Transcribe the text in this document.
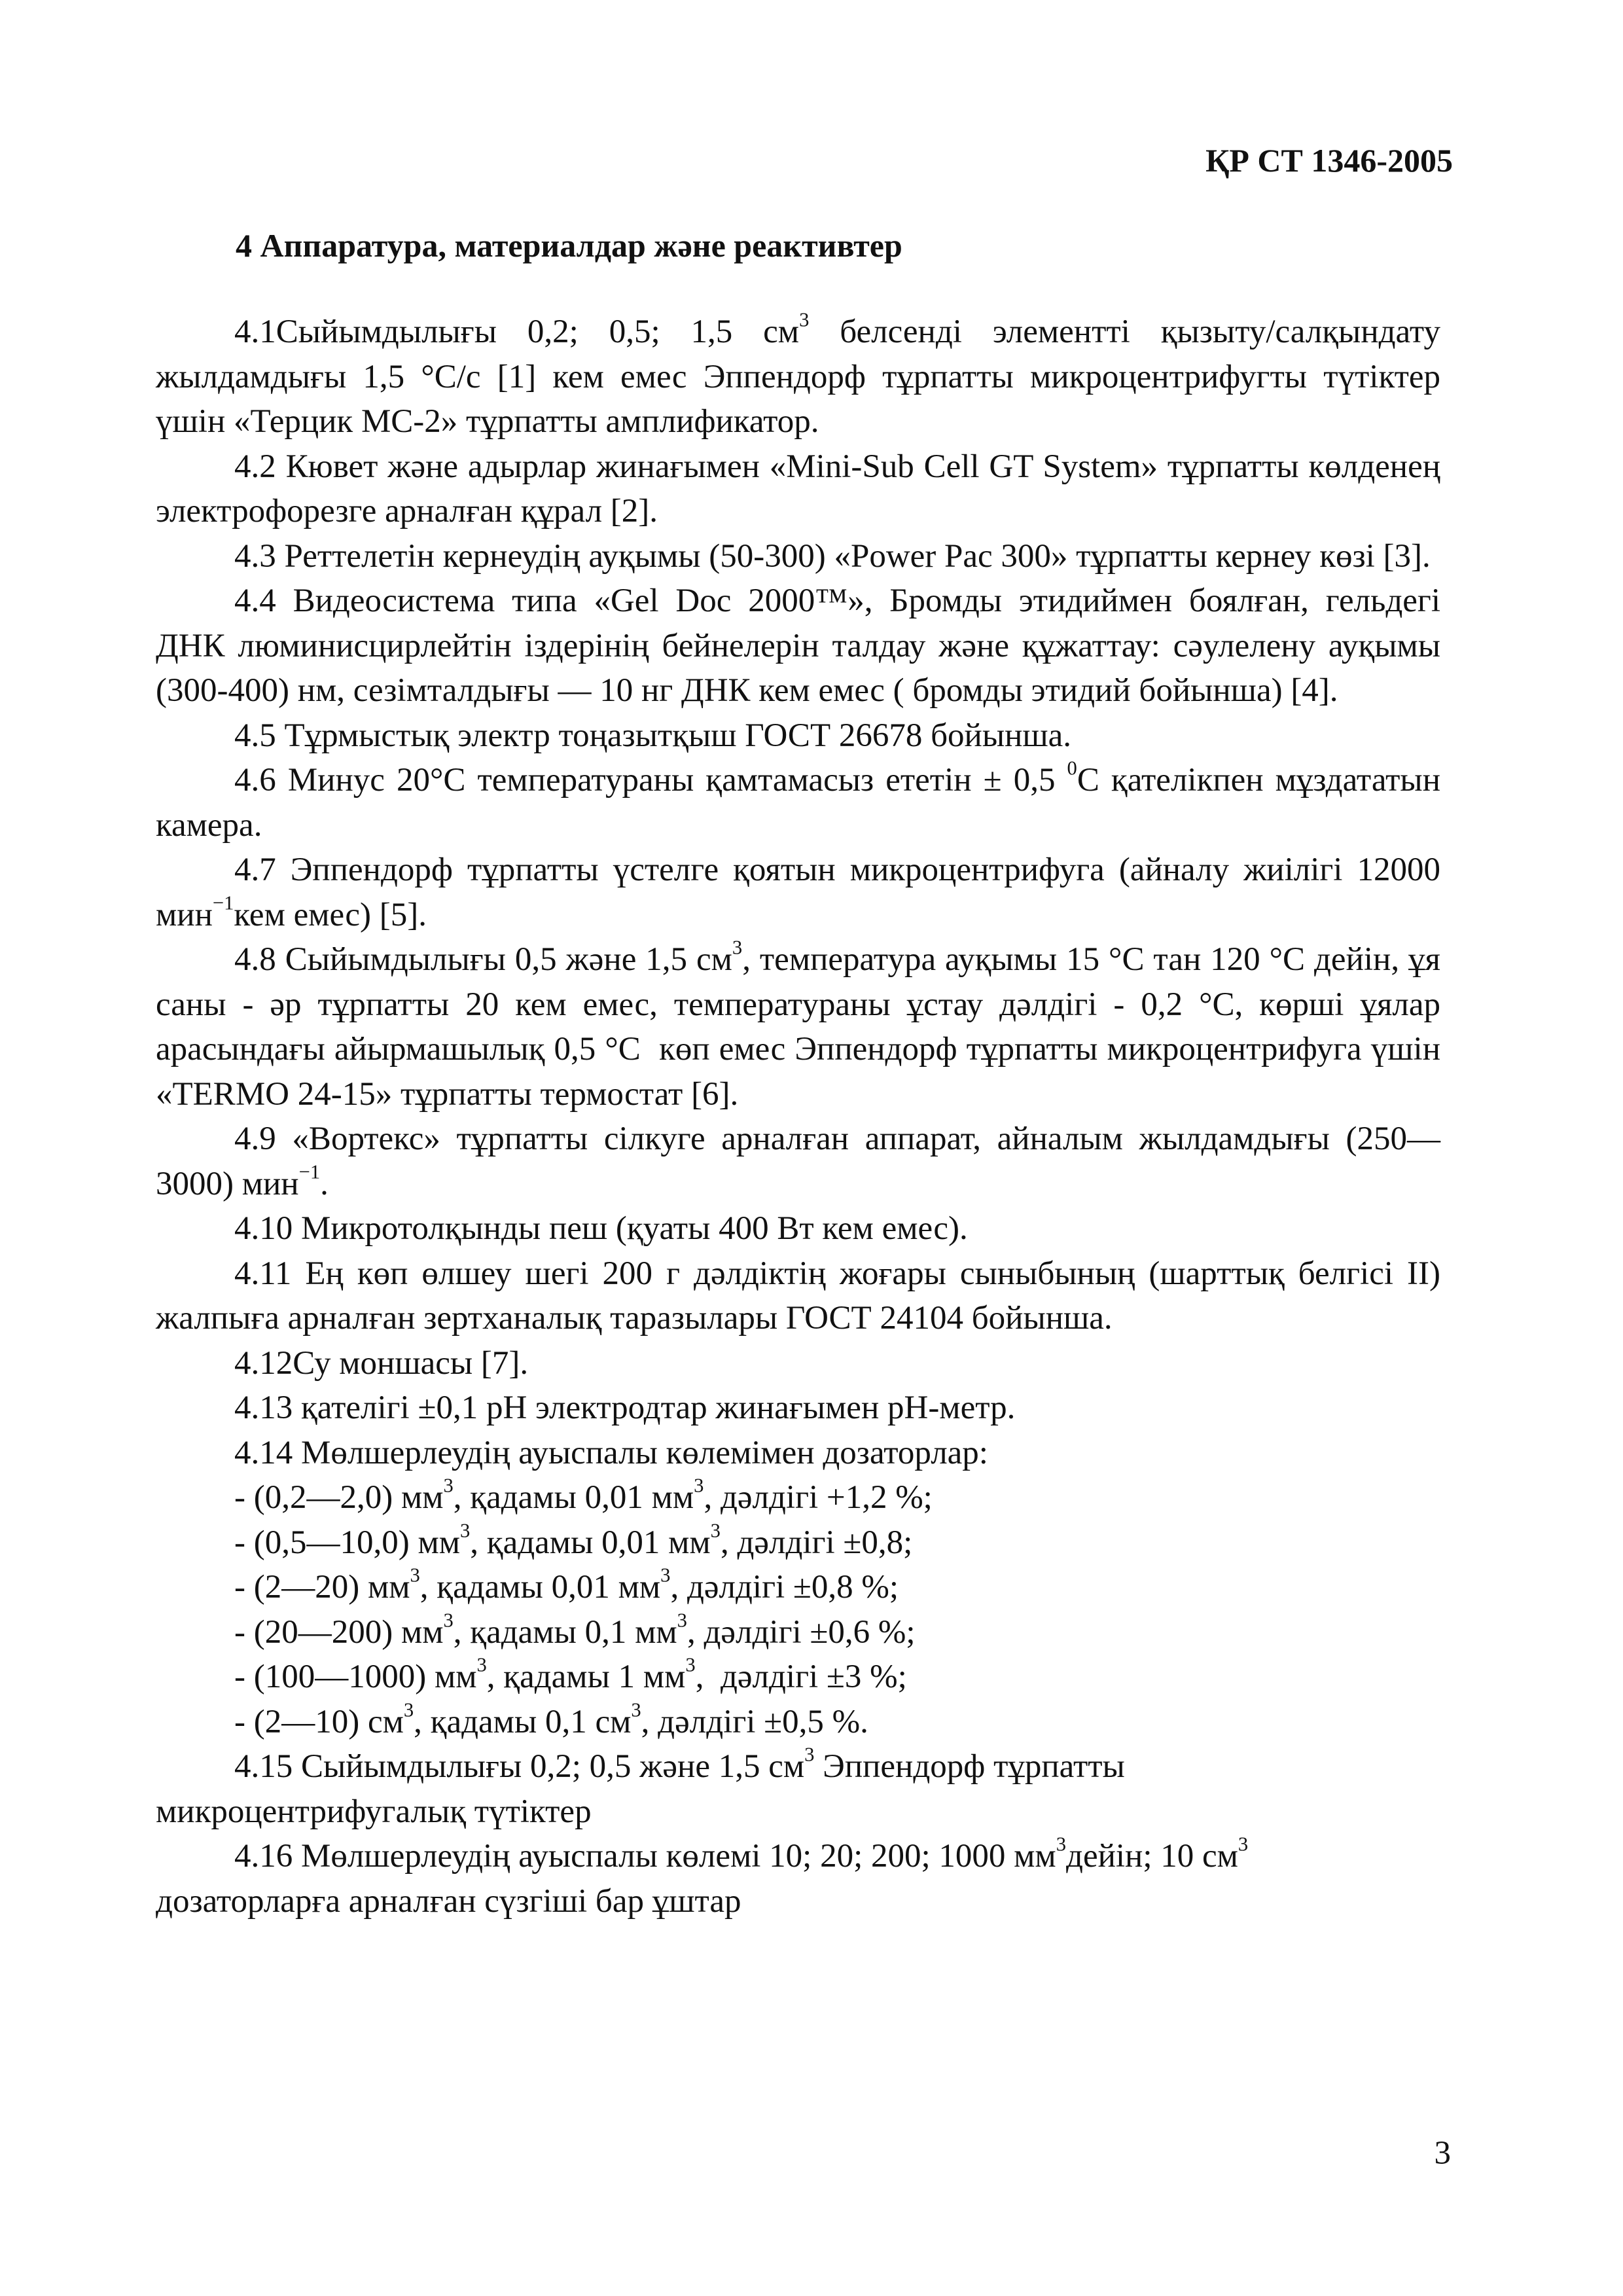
ҚР СТ 1346-2005
4 Аппаратура, материалдар және реактивтер

4.1Сыйымдылығы 0,2; 0,5; 1,5 $см^3$ белсенді элементті қызыту/салқындату жылдамдығы 1,5 °С/с [1] кем емес Эппендорф тұрпатты микроцентрифугты түтіктер үшін «Терцик МС-2» тұрпатты амплификатор.

4.2 Кювет және адырлар жинағымен «Mini-Sub Cell GT System» тұрпатты көлденең электрофорезге арналған құрал [2].

4.3 Реттелетін кернеудің ауқымы (50-300) «Power Pac 300» тұрпатты кернеу көзі [3].

4.4 Видеосистема типа «Gel Doc 2000™», Бромды этидиймен боялған, гельдегі ДНК люминисцирлейтін іздерінің бейнелерін талдау және құжаттау: сәулелену ауқымы (300-400) нм, сезімталдығы — 10 нг ДНК кем емес ( бромды этидий бойынша) [4].

4.5 Тұрмыстық электр тоңазытқыш ГОСТ 26678 бойынша.

4.6 Минус 20°С температураны қамтамасыз ететін ± 0,5 $^0$С қателікпен мұздататын камера.

4.7 Эппендорф тұрпатты үстелге қоятын микроцентрифуга (айналу жиілігі 12000 мин$^{-1}$кем емес) [5].

4.8 Сыйымдылығы 0,5 және 1,5 $см^3$, температура ауқымы 15 °С тан 120 °С дейін, ұя саны - әр тұрпатты 20 кем емес, температураны ұстау дәлдігі - 0,2 °С, көрші ұялар арасындағы айырмашылық 0,5 °С  көп емес Эппендорф тұрпатты микроцентрифуга үшін «TERMO 24-15» тұрпатты термостат [6].

4.9 «Вортекс» тұрпатты сілкуге арналған аппарат, айналым жылдамдығы (250—3000) мин$^{-1}$.

4.10 Микротолқынды пеш (қуаты 400 Вт кем емес).

4.11 Ең көп өлшеу шегі 200 г дәлдіктің жоғары сыныбының (шарттық белгісі II) жалпыға арналған зертханалық таразылары ГОСТ 24104 бойынша.

4.12Су моншасы [7].

4.13 қателігі ±0,1 рН электродтар жинағымен рН-метр.

4.14 Мөлшерлеудің ауыспалы көлемімен дозаторлар:

- (0,2—2,0) $мм^3$, қадамы 0,01 $мм^3$, дәлдігі +1,2 %;

- (0,5—10,0) $мм^3$, қадамы 0,01 $мм^3$, дәлдігі ±0,8;

- (2—20) $мм^3$, қадамы 0,01 $мм^3$, дәлдігі ±0,8 %;

- (20—200) $мм^3$, қадамы 0,1 $мм^3$, дәлдігі ±0,6 %;

- (100—1000) $мм^3$, қадамы 1 $мм^3$,  дәлдігі ±3 %;

- (2—10) $см^3$, қадамы 0,1 $см^3$, дәлдігі ±0,5 %.

4.15 Сыйымдылығы 0,2; 0,5 және 1,5 $см^3$ Эппендорф тұрпатты микроцентрифугалық түтіктер

4.16 Мөлшерлеудің ауыспалы көлемі 10; 20; 200; 1000 $мм^3дейін$; 10 $см^3$ дозаторларға арналған сүзгіші бар ұштар

3
